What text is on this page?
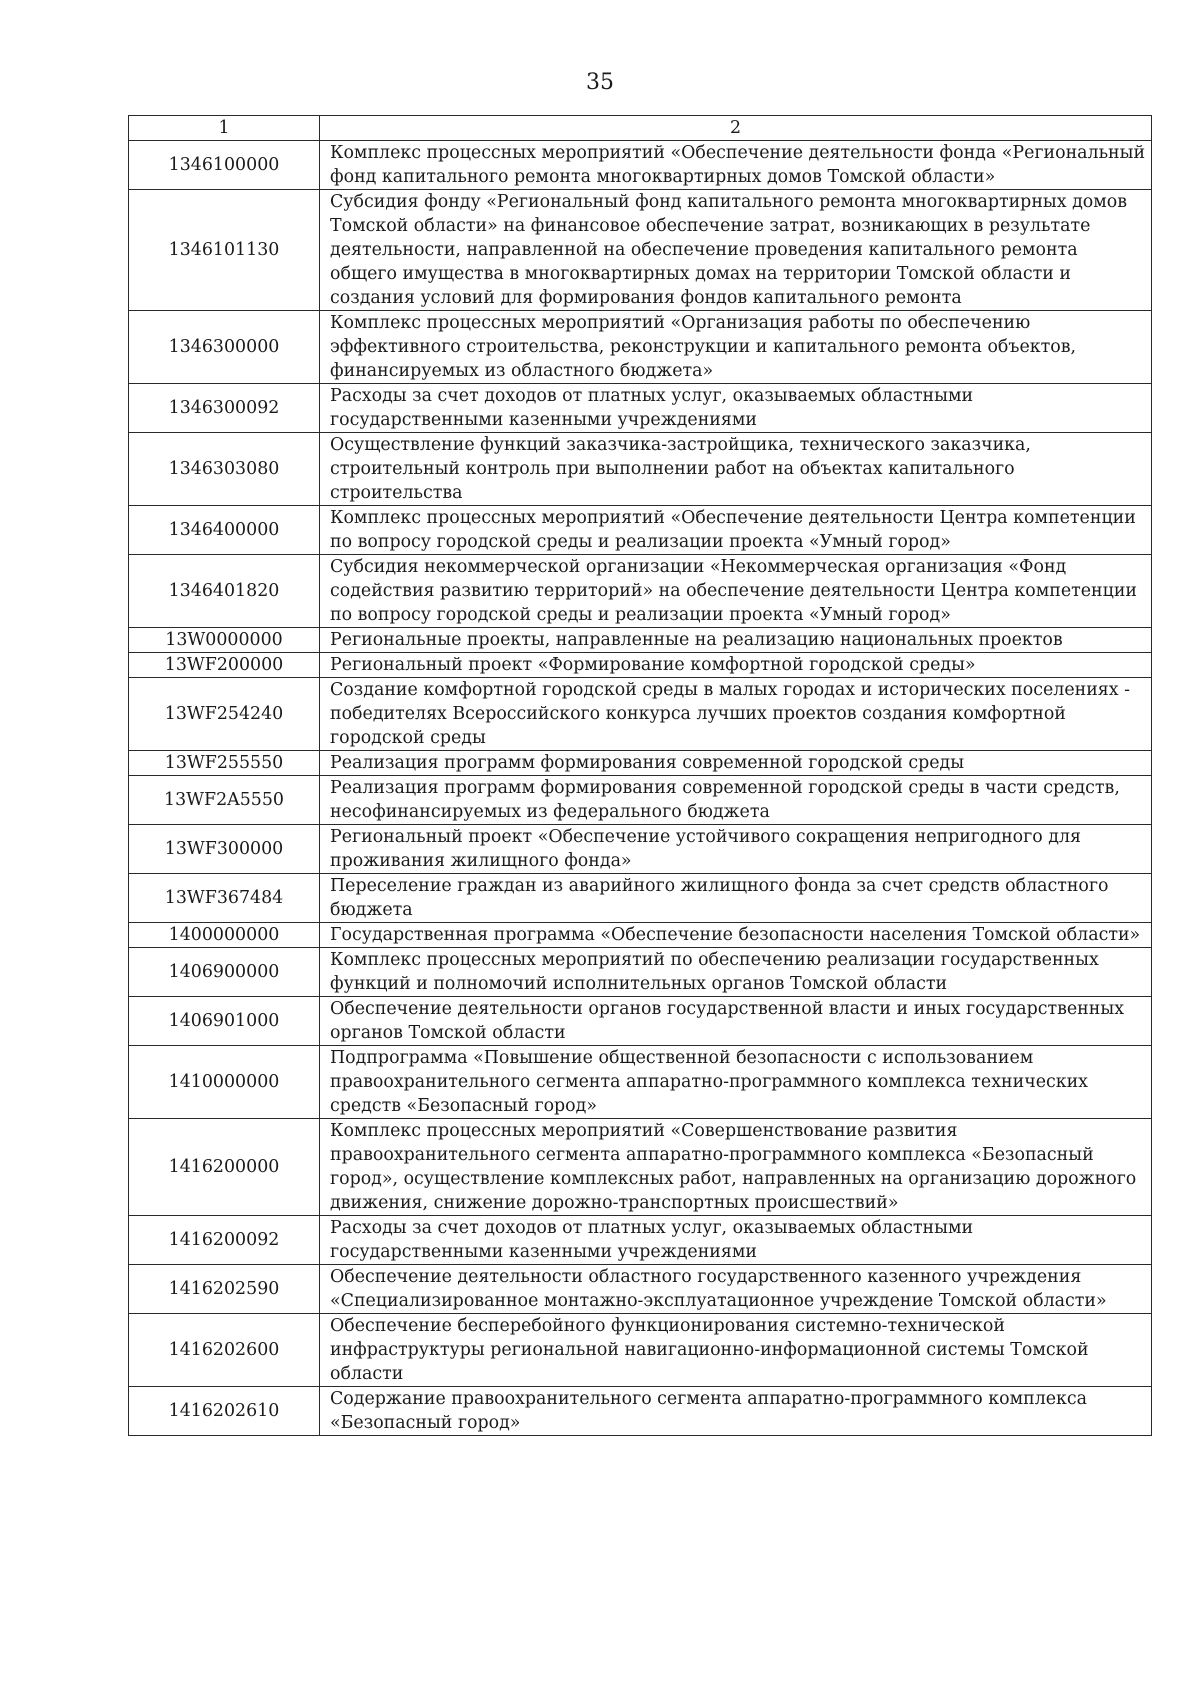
35
1	2
1346100000	Комплекс процессных мероприятий «Обеспечение деятельности фонда «Региональный фонд капитального ремонта многоквартирных домов Томской области»
1346101130	Субсидия фонду «Региональный фонд капитального ремонта многоквартирных домов Томской области» на финансовое обеспечение затрат, возникающих в результате деятельности, направленной на обеспечение проведения капитального ремонта общего имущества в многоквартирных домах на территории Томской области и создания условий для формирования фондов капитального ремонта
1346300000	Комплекс процессных мероприятий «Организация работы по обеспечению эффективного строительства, реконструкции и капитального ремонта объектов, финансируемых из областного бюджета»
1346300092	Расходы за счет доходов от платных услуг, оказываемых областными государственными казенными учреждениями
1346303080	Осуществление функций заказчика-застройщика, технического заказчика, строительный контроль при выполнении работ на объектах капитального строительства
1346400000	Комплекс процессных мероприятий «Обеспечение деятельности Центра компетенции по вопросу городской среды и реализации проекта «Умный город»
1346401820	Субсидия некоммерческой организации «Некоммерческая организация «Фонд содействия развитию территорий» на обеспечение деятельности Центра компетенции по вопросу городской среды и реализации проекта «Умный город»
13W0000000	Региональные проекты, направленные на реализацию национальных проектов
13WF200000	Региональный проект «Формирование комфортной городской среды»
13WF254240	Создание комфортной городской среды в малых городах и исторических поселениях - победителях Всероссийского конкурса лучших проектов создания комфортной городской среды
13WF255550	Реализация программ формирования современной городской среды
13WF2A5550	Реализация программ формирования современной городской среды в части средств, несофинансируемых из федерального бюджета
13WF300000	Региональный проект «Обеспечение устойчивого сокращения непригодного для проживания жилищного фонда»
13WF367484	Переселение граждан из аварийного жилищного фонда за счет средств областного бюджета
1400000000	Государственная программа «Обеспечение безопасности населения Томской области»
1406900000	Комплекс процессных мероприятий по обеспечению реализации государственных функций и полномочий исполнительных органов Томской области
1406901000	Обеспечение деятельности органов государственной власти и иных государственных органов Томской области
1410000000	Подпрограмма «Повышение общественной безопасности с использованием правоохранительного сегмента аппаратно-программного комплекса технических средств «Безопасный город»
1416200000	Комплекс процессных мероприятий «Совершенствование развития правоохранительного сегмента аппаратно-программного комплекса «Безопасный город», осуществление комплексных работ, направленных на организацию дорожного движения, снижение дорожно-транспортных происшествий»
1416200092	Расходы за счет доходов от платных услуг, оказываемых областными государственными казенными учреждениями
1416202590	Обеспечение деятельности областного государственного казенного учреждения «Специализированное монтажно-эксплуатационное учреждение Томской области»
1416202600	Обеспечение бесперебойного функционирования системно-технической инфраструктуры региональной навигационно-информационной системы Томской области
1416202610	Содержание правоохранительного сегмента аппаратно-программного комплекса «Безопасный город»
